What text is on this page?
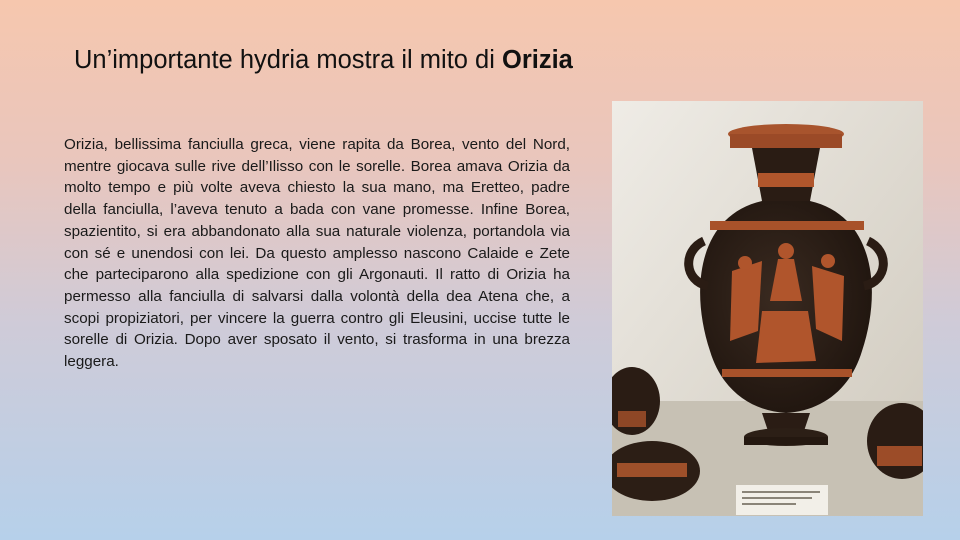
Un’importante hydria mostra il mito di Orizia

Orizia, bellissima fanciulla greca, viene rapita da Borea, vento del Nord, mentre giocava sulle rive dell’Ilisso con le sorelle. Borea amava Orizia da molto tempo e più volte aveva chiesto la sua mano, ma Eretteo, padre della fanciulla, l’aveva tenuto a bada con vane promesse. Infine Borea, spazientito, si era abbandonato alla sua naturale violenza, portandola via con sé e unendosi con lei. Da questo amplesso nascono Calaide e Zete che parteciparono alla spedizione con gli Argonauti. Il ratto di Orizia ha permesso alla fanciulla di salvarsi dalla volontà della dea Atena che, a scopi propiziatori, per vincere la guerra contro gli Eleusini, uccise tutte le sorelle di Orizia. Dopo aver sposato il vento, si trasforma in una brezza leggera.
